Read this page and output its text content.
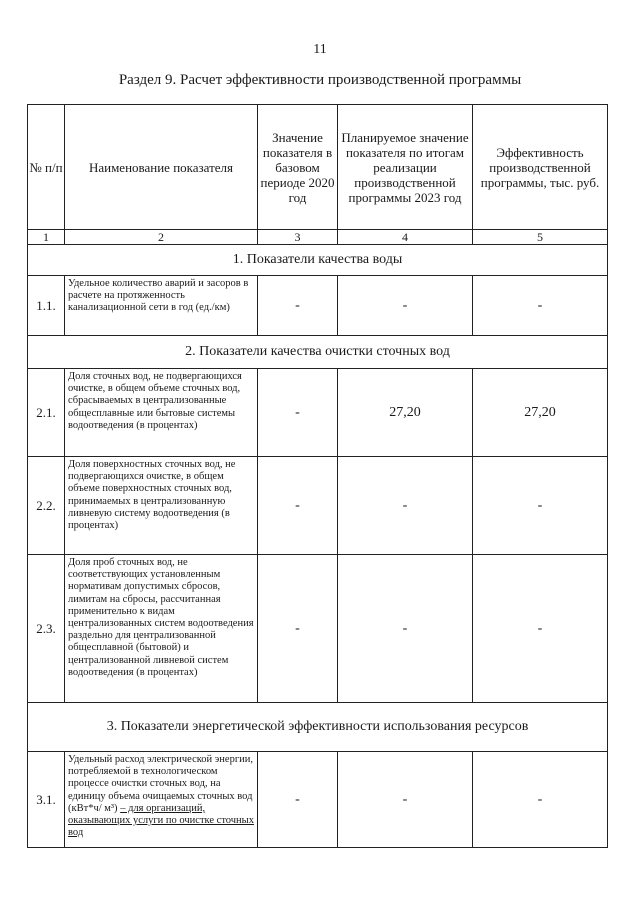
11
Раздел 9. Расчет эффективности производственной программы
№ п/п	Наименование показателя	Значение показателя в базовом периоде 2020 год	Планируемое значение показателя по итогам реализации производственной программы 2023 год	Эффективность производственной программы, тыс. руб.
1	2	3	4	5
1. Показатели качества воды				
1.1.	Удельное количество аварий и засоров в расчете на протяженность канализационной сети в год (ед./км)	-	-	-
2. Показатели качества очистки сточных вод				
2.1.	Доля сточных вод, не подвергающихся очистке, в общем объеме сточных вод, сбрасываемых в централизованные общесплавные или бытовые системы водоотведения (в процентах)	-	27,20	27,20
2.2.	Доля поверхностных сточных вод, не подвергающихся очистке, в общем объеме поверхностных сточных вод, принимаемых в централизованную ливневую систему водоотведения (в процентах)	-	-	-
2.3.	Доля проб сточных вод, не соответствующих установленным нормативам допустимых сбросов, лимитам на сбросы, рассчитанная применительно к видам централизованных систем водоотведения раздельно для централизованной общесплавной (бытовой) и централизованной ливневой систем водоотведения (в процентах)	-	-	-
3. Показатели энергетической эффективности использования ресурсов				
3.1.	Удельный расход электрической энергии, потребляемой в технологическом процессе очистки сточных вод, на единицу объема очищаемых сточных вод (кВт*ч/ м³) – для организаций, оказывающих услуги по очистке сточных вод	-	-	-
